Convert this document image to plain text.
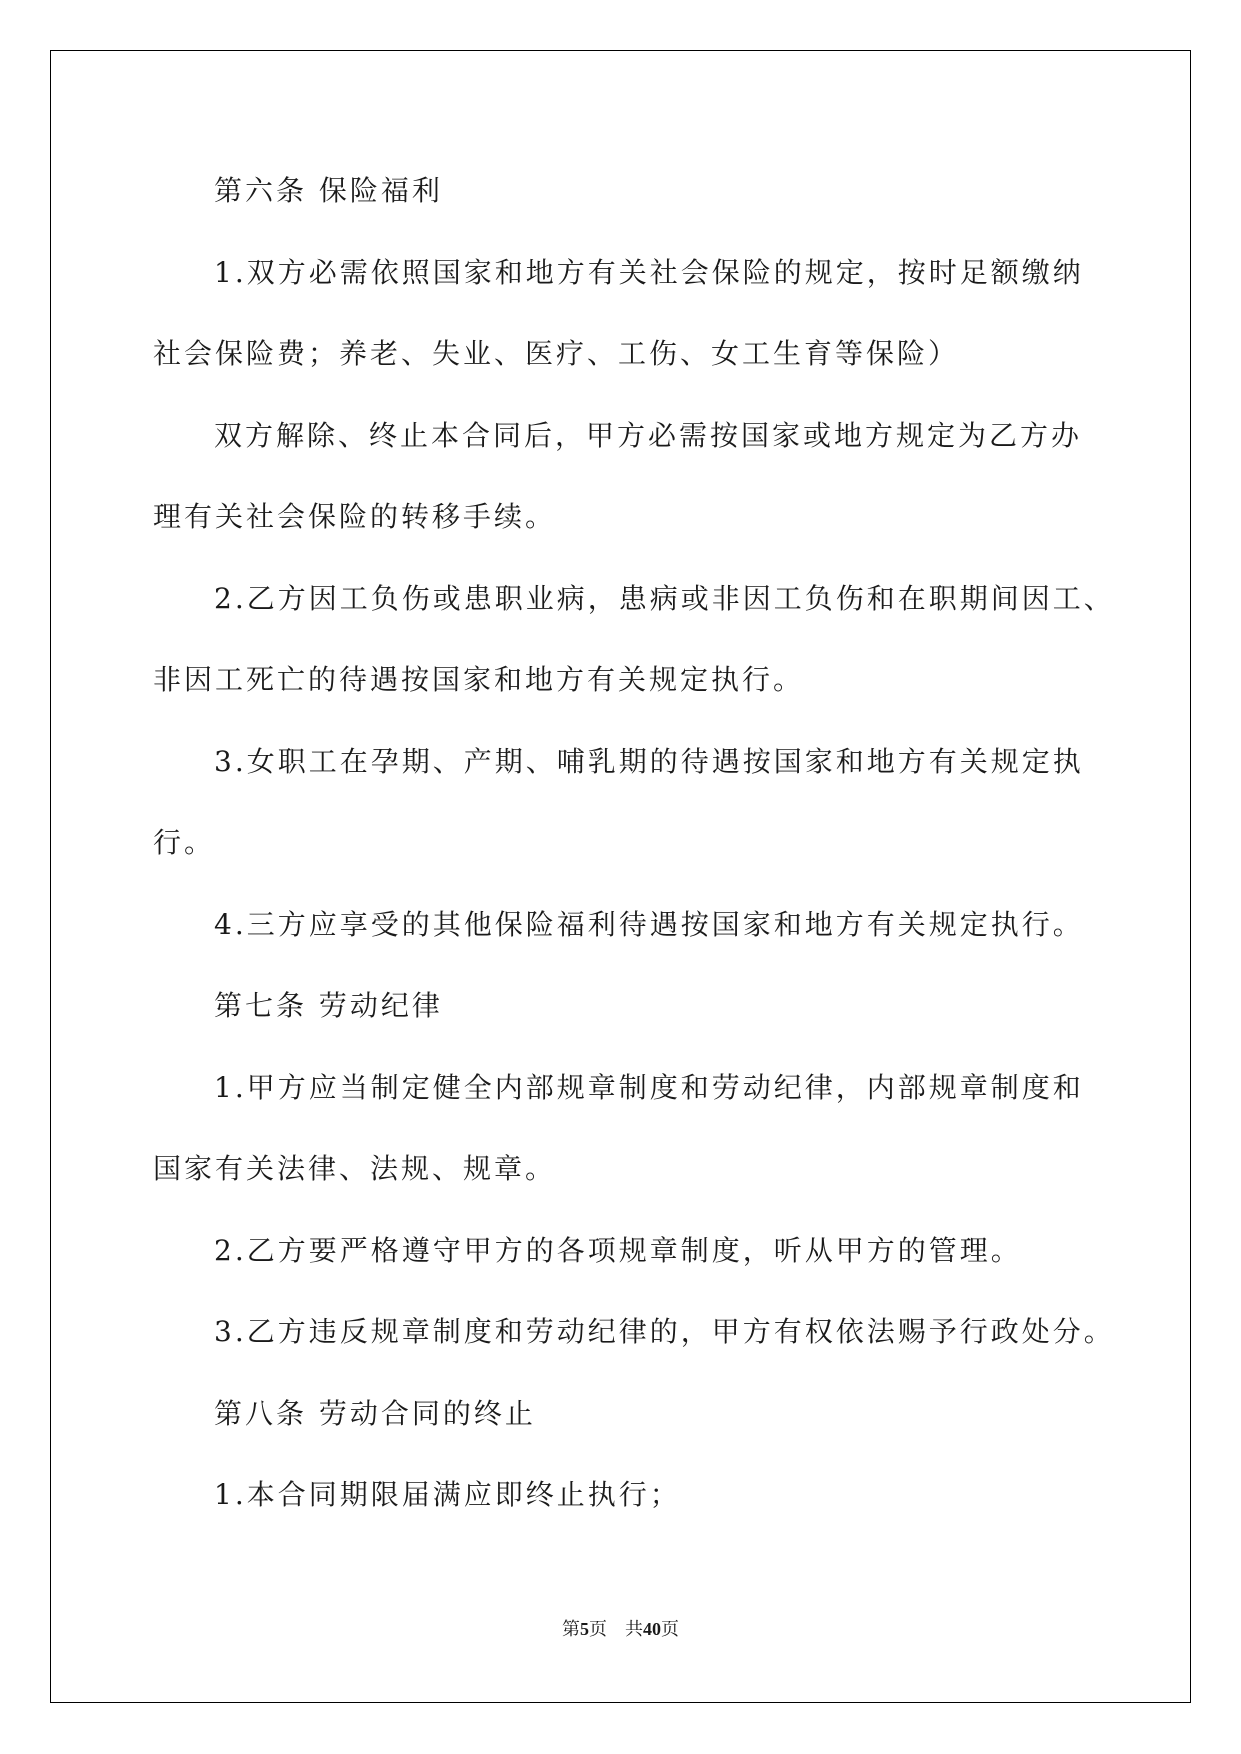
第六条 保险福利
1.双方必需依照国家和地方有关社会保险的规定，按时足额缴纳
社会保险费；养老、失业、医疗、工伤、女工生育等保险）
双方解除、终止本合同后，甲方必需按国家或地方规定为乙方办
理有关社会保险的转移手续。
2.乙方因工负伤或患职业病，患病或非因工负伤和在职期间因工、
非因工死亡的待遇按国家和地方有关规定执行。
3.女职工在孕期、产期、哺乳期的待遇按国家和地方有关规定执
行。
4.三方应享受的其他保险福利待遇按国家和地方有关规定执行。
第七条 劳动纪律
1.甲方应当制定健全内部规章制度和劳动纪律，内部规章制度和
国家有关法律、法规、规章。
2.乙方要严格遵守甲方的各项规章制度，听从甲方的管理。
3.乙方违反规章制度和劳动纪律的，甲方有权依法赐予行政处分。
第八条 劳动合同的终止
1.本合同期限届满应即终止执行；
第5页 共40页
